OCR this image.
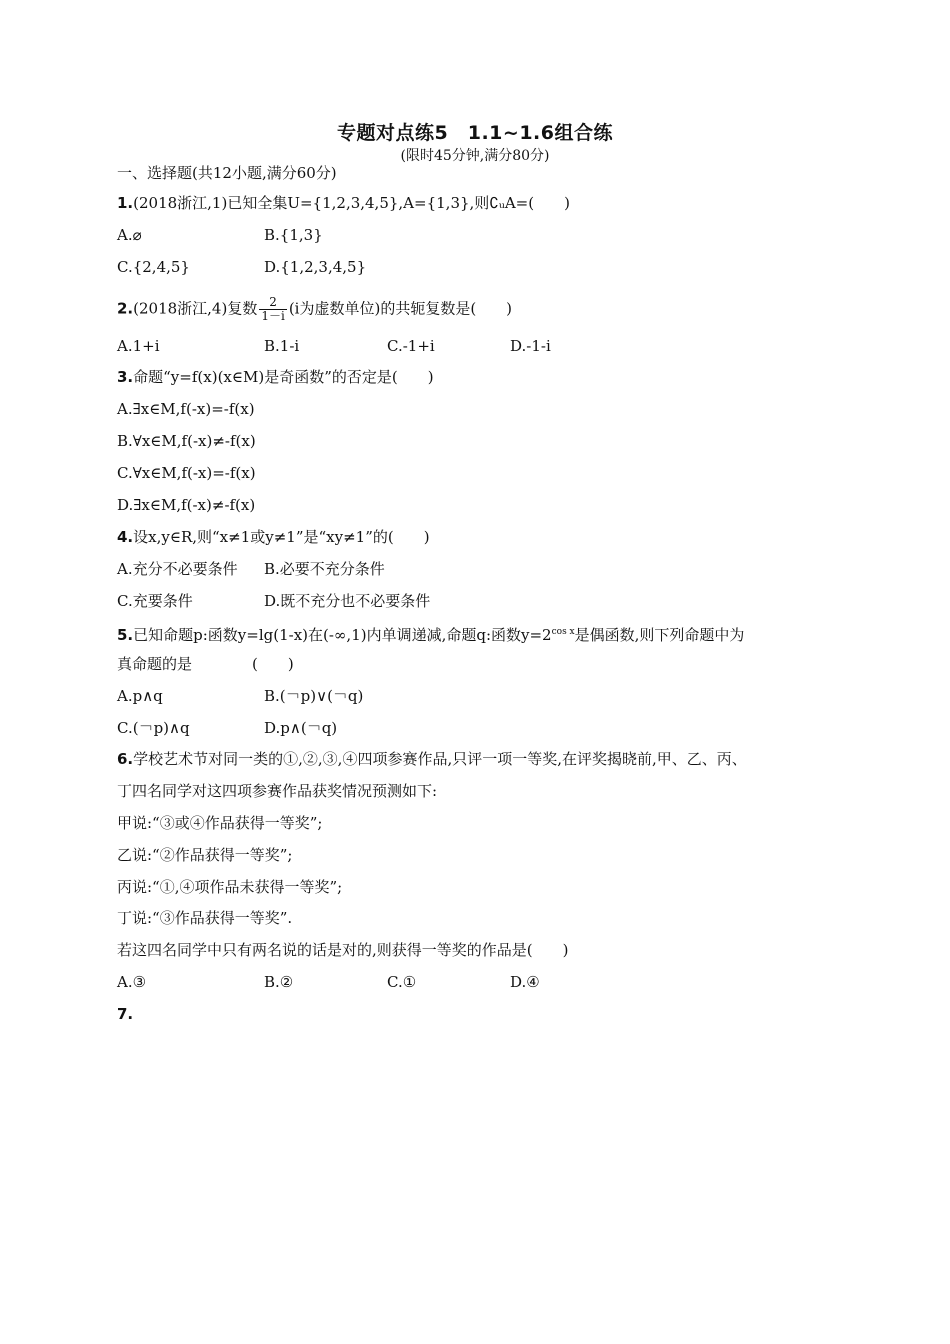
专题对点练5　1.1~1.6组合练
(限时45分钟,满分80分)
一、选择题(共12小题,满分60分)
1.(2018浙江,1)已知全集U={1,2,3,4,5},A={1,3},则∁ᵤA=(　　)
A.⌀	B.{1,3}
C.{2,4,5}	D.{1,2,3,4,5}
2.(2018浙江,4)复数 $\frac{2}{1-i} (i$为虚数单位)的共轭复数是(　　)
A.1+i	B.1-i	C.-1+i	D.-1-i
3.命题“y=f(x)(x∈M)是奇函数”的否定是(　　)
A.∃x∈M,f(-x)=-f(x)
B.∀x∈M,f(-x)≠-f(x)
C.∀x∈M,f(-x)=-f(x)
D.∃x∈M,f(-x)≠-f(x)
4.设x,y∈R,则“x≠1或y≠1”是“xy≠1”的(　　)
A.充分不必要条件 B.必要不充分条件
C.充要条件	D.既不充分也不必要条件
5.已知命题p:函数y=lg(1-x)在(-∞,1)内单调递减,命题q:函数$y=2^{cos x}$是偶函数,则下列命题中为
真命题的是　　　　(　　)
A.p∧q	B.(￢p)∨(￢q)
C.(￢p)∧q	D.p∧(￢q)
6.学校艺术节对同一类的①,②,③,④四项参赛作品,只评一项一等奖,在评奖揭晓前,甲、乙、丙、
丁四名同学对这四项参赛作品获奖情况预测如下:
甲说:“③或④作品获得一等奖”;
乙说:“②作品获得一等奖”;
丙说:“①,④项作品未获得一等奖”;
丁说:“③作品获得一等奖”.
若这四名同学中只有两名说的话是对的,则获得一等奖的作品是(　　)
A.③	B.②	C.①	D.④
7.
